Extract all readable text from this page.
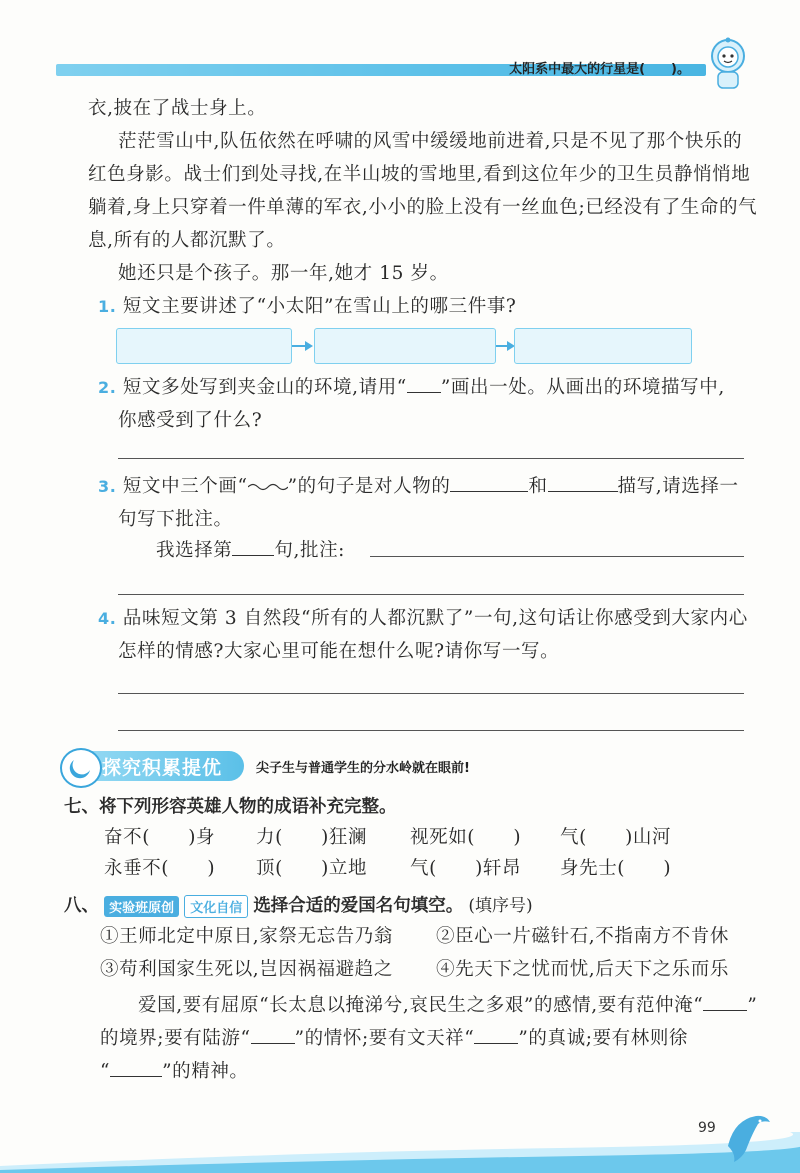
太阳系中最大的行星是(　　)。
衣,披在了战士身上。
茫茫雪山中,队伍依然在呼啸的风雪中缓缓地前进着,只是不见了那个快乐的
红色身影。战士们到处寻找,在半山坡的雪地里,看到这位年少的卫生员静悄悄地
躺着,身上只穿着一件单薄的军衣,小小的脸上没有一丝血色;已经没有了生命的气
息,所有的人都沉默了。
她还只是个孩子。那一年,她才 15 岁。
1. 短文主要讲述了“小太阳”在雪山上的哪三件事?
2. 短文多处写到夹金山的环境,请用“ ”画出一处。从画出的环境描写中,
你感受到了什么?
3. 短文中三个画“ ”的句子是对人物的	和	描写,请选择一
句写下批注。
我选择第 句,批注:
4. 品味短文第 3 自然段“所有的人都沉默了”一句,这句话让你感受到大家内心
怎样的情感?大家心里可能在想什么呢?请你写一写。
探究积累提优	尖子生与普通学生的分水岭就在眼前!
七、将下列形容英雄人物的成语补充完整。
奋不(　　)身	力(　　)狂澜	视死如(　　)	气(　　)山河
永垂不(　　)	顶(　　)立地	气(　　)轩昂	身先士(　　)
八、 实验班原创 文化自信 选择合适的爱国名句填空。 (填序号)
①王师北定中原日,家祭无忘告乃翁 ②臣心一片磁针石,不指南方不肯休
③苟利国家生死以,岂因祸福避趋之 ④先天下之忧而忧,后天下之乐而乐
爱国,要有屈原“长太息以掩涕兮,哀民生之多艰”的感情,要有范仲淹“ ”
的境界;要有陆游“ ”的情怀;要有文天祥“ ”的真诚;要有林则徐
“	”的精神。
99
